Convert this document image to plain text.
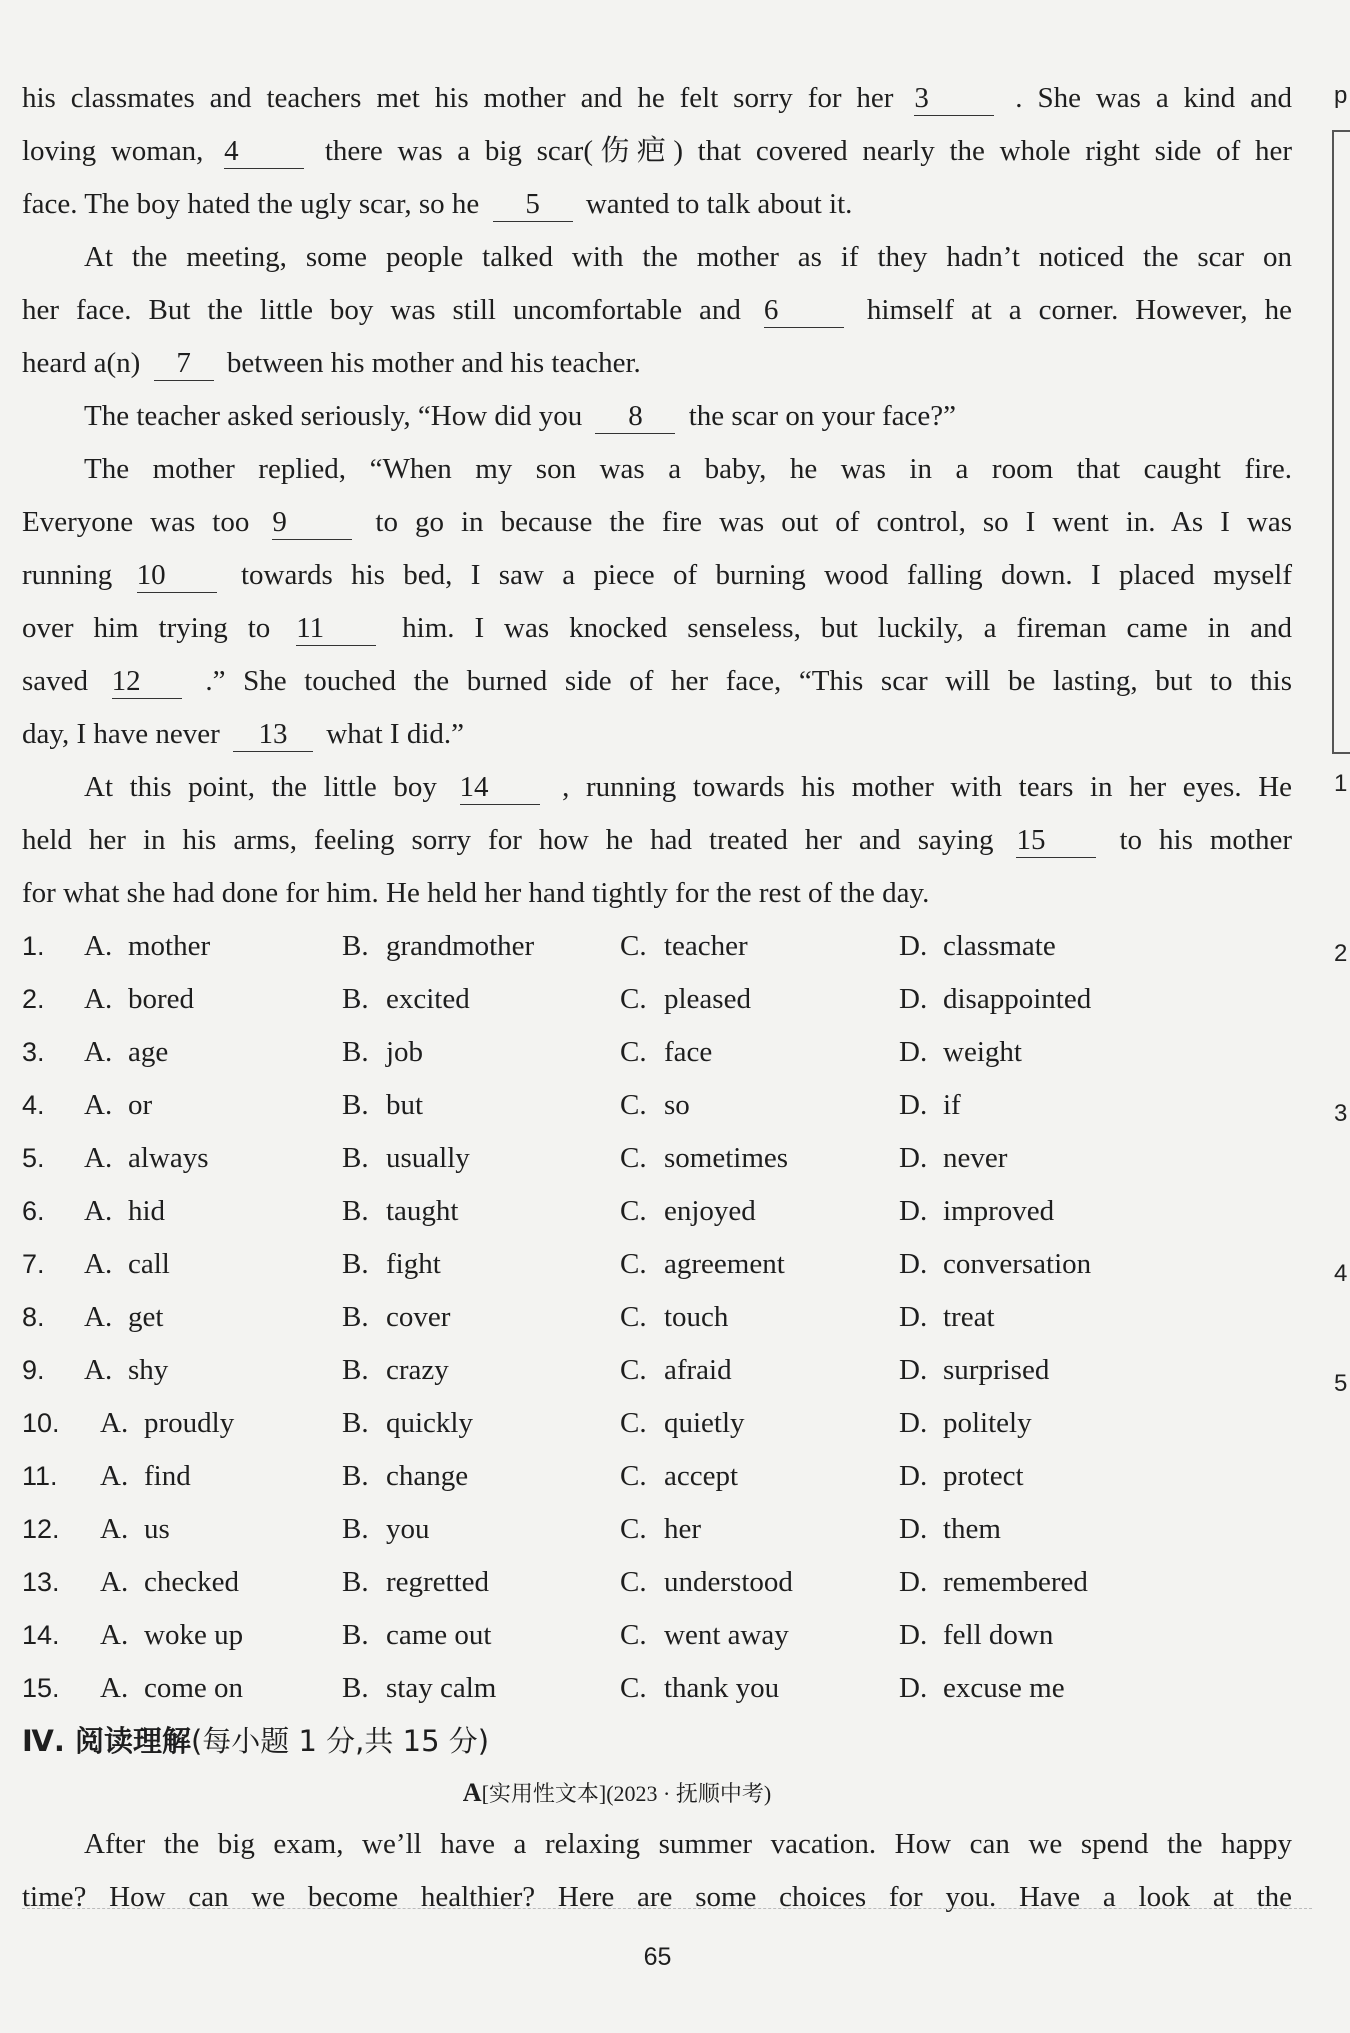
his classmates and teachers met his mother and he felt sorry for her 3	. She was a kind and
loving woman, 4	there was a big scar(伤疤) that covered nearly the whole right side of her
face. The boy hated the ugly scar, so he 5 wanted to talk about it.
At the meeting, some people talked with the mother as if they hadn’t noticed the scar on
her face. But the little boy was still uncomfortable and 6	himself at a corner. However, he
heard a(n) 7 between his mother and his teacher.
The teacher asked seriously, “How did you 8 the scar on your face?”
The mother replied, “When my son was a baby, he was in a room that caught fire.
Everyone was too 9	to go in because the fire was out of control, so I went in. As I was
running 10	towards his bed, I saw a piece of burning wood falling down. I placed myself
over him trying to 11	him. I was knocked senseless, but luckily, a fireman came in and
saved 12 .” She touched the burned side of her face, “This scar will be lasting, but to this
day, I have never 13 what I did.”
At this point, the little boy 14	, running towards his mother with tears in her eyes. He
held her in his arms, feeling sorry for how he had treated her and saying 15	to his mother
for what she had done for him. He held her hand tightly for the rest of the day.
1. A. mother	B. grandmother	C. teacher	D. classmate
2. A. bored	B. excited	C. pleased	D. disappointed
3. A. age	B. job	C. face	D. weight
4. A. or	B. but	C. so	D. if
5. A. always	B. usually	C. sometimes	D. never
6. A. hid	B. taught	C. enjoyed	D. improved
7. A. call	B. fight	C. agreement	D. conversation
8. A. get	B. cover	C. touch	D. treat
9. A. shy	B. crazy	C. afraid	D. surprised
10. A. proudly	B. quickly	C. quietly	D. politely
11. A. find	B. change	C. accept	D. protect
12. A. us	B. you	C. her	D. them
13. A. checked	B. regretted	C. understood	D. remembered
14. A. woke up	B. came out	C. went away	D. fell down
15. A. come on	B. stay calm	C. thank you	D. excuse me
Ⅳ. 阅读理解(每小题 1 分,共 15 分)
A[实用性文本](2023 · 抚顺中考)
After the big exam, we’ll have a relaxing summer vacation. How can we spend the happy
time? How can we become healthier? Here are some choices for you. Have a look at the
65
p
1
2
3
4
5
